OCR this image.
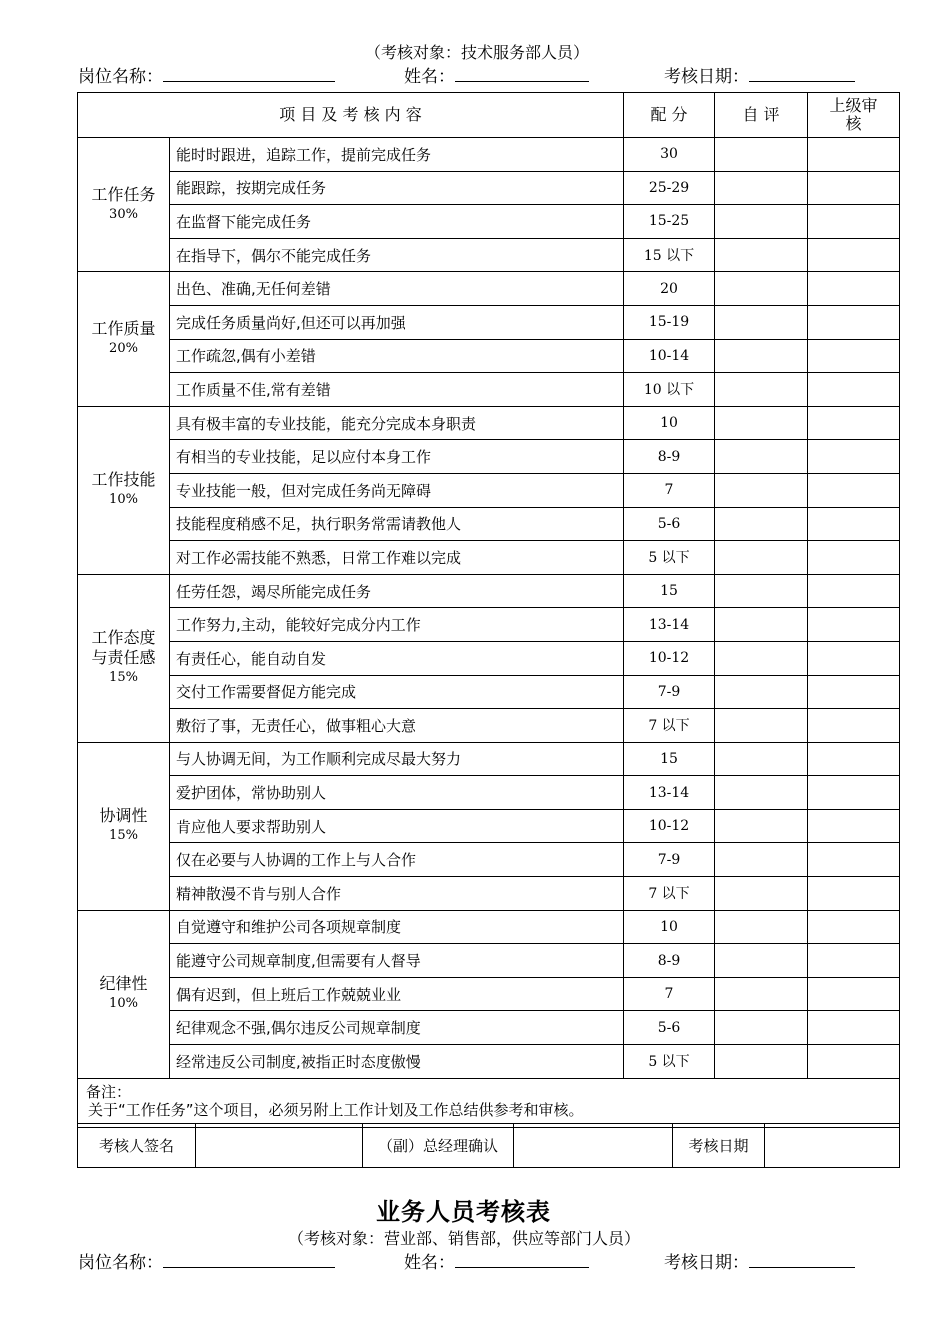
（考核对象：技术服务部人员）
岗位名称：	姓名：	考核日期：
项 目 及 考 核 内 容		配 分	自 评	上级审核

工作任务
30%	能时时跟进，追踪工作，提前完成任务	30		
	能跟踪，按期完成任务	25-29		
	在监督下能完成任务	15-25		
	在指导下，偶尔不能完成任务	15 以下		

工作质量
20%	出色、准确,无任何差错	20		
	完成任务质量尚好,但还可以再加强	15-19		
	工作疏忽,偶有小差错	10-14		
	工作质量不佳,常有差错	10 以下		

工作技能
10%	具有极丰富的专业技能，能充分完成本身职责	10		
	有相当的专业技能，足以应付本身工作	8-9		
	专业技能一般，但对完成任务尚无障碍	7		
	技能程度稍感不足，执行职务常需请教他人	5-6		
	对工作必需技能不熟悉，日常工作难以完成	5 以下		

工作态度与责任感
15%	任劳任怨，竭尽所能完成任务	15		
	工作努力,主动，能较好完成分内工作	13-14		
	有责任心，能自动自发	10-12		
	交付工作需要督促方能完成	7-9		
	敷衍了事，无责任心，做事粗心大意	7 以下		

协调性
15%	与人协调无间，为工作顺利完成尽最大努力	15		
	爱护团体，常协助别人	13-14		
	肯应他人要求帮助别人	10-12		
	仅在必要与人协调的工作上与人合作	7-9		
	精神散漫不肯与别人合作	7 以下		

纪律性
10%	自觉遵守和维护公司各项规章制度	10		
	能遵守公司规章制度,但需要有人督导	8-9		
	偶有迟到，但上班后工作兢兢业业	7		
	纪律观念不强,偶尔违反公司规章制度	5-6		
	经常违反公司制度,被指正时态度傲慢	5 以下		

备注：
关于“工作任务”这个项目，必须另附上工作计划及工作总结供参考和审核。				
考核人签名		（副）总经理确认		考核日期	
业务人员考核表
（考核对象：营业部、销售部，供应等部门人员）
岗位名称：	姓名：	考核日期：
